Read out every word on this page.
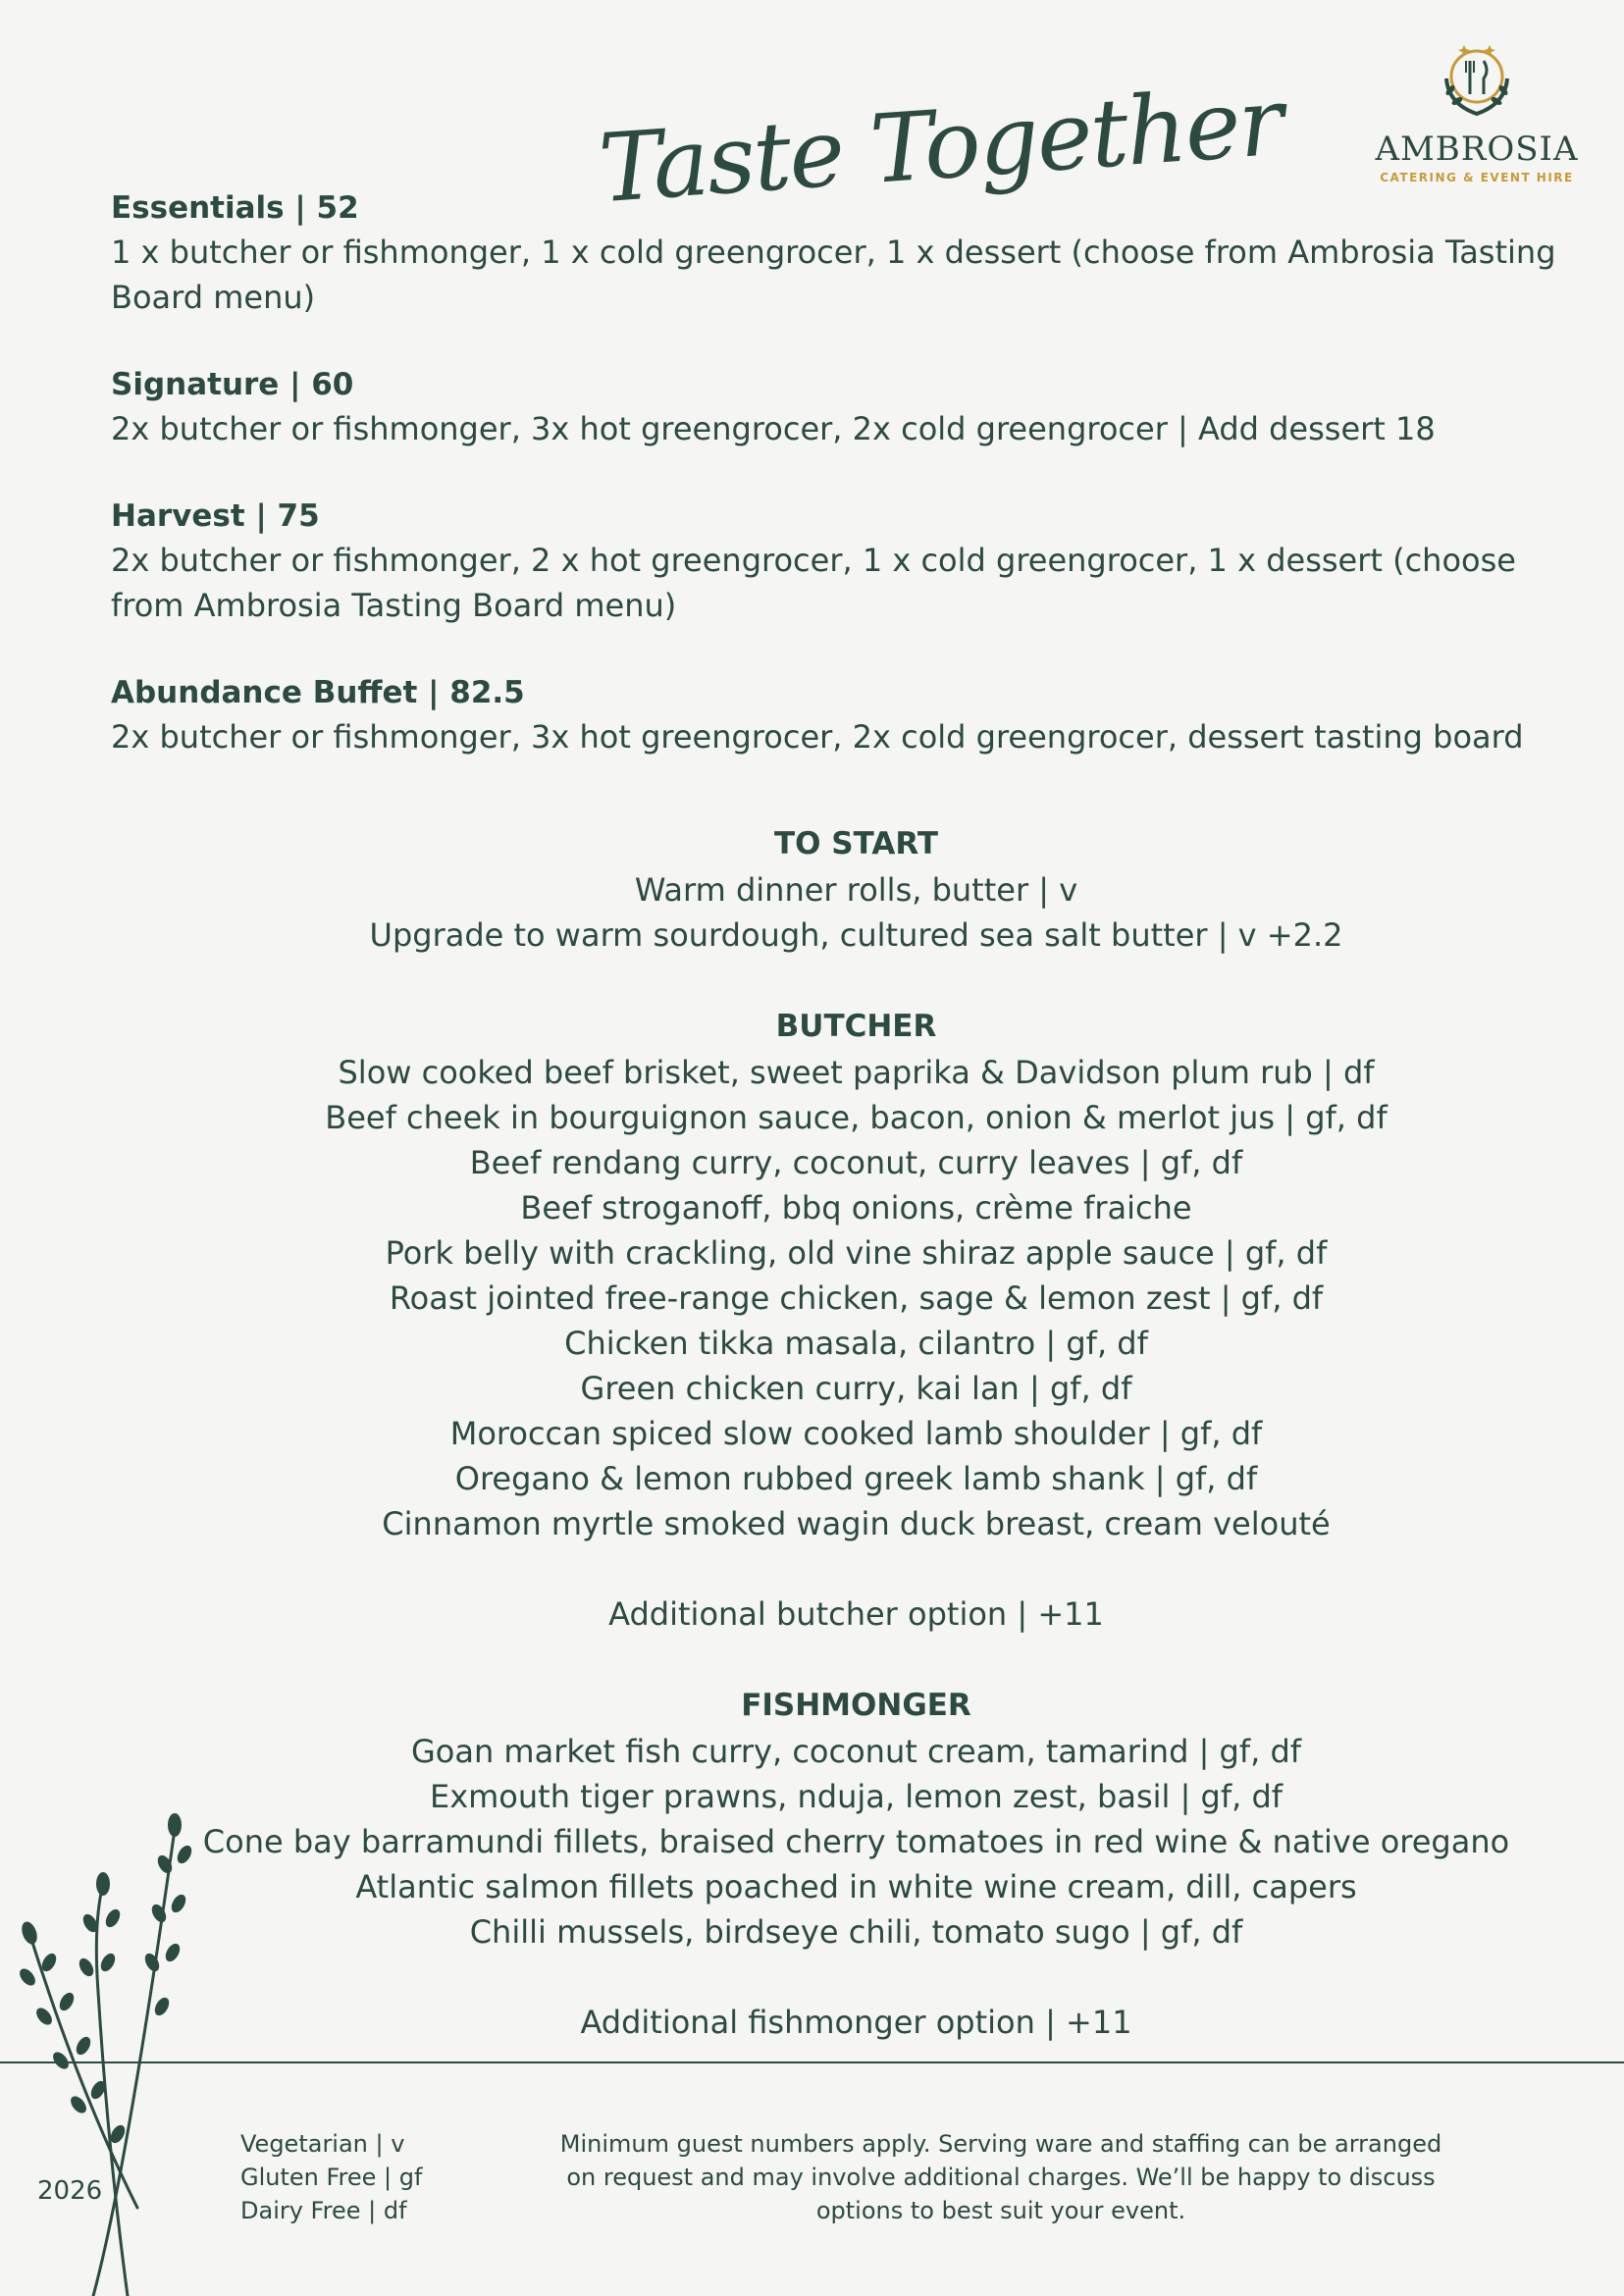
Taste Together	AMBROSIA
CATERING & EVENT HIRE
Essentials | 52
1 x butcher or fishmonger, 1 x cold greengrocer, 1 x dessert (choose from Ambrosia Tasting Board menu)
Signature | 60
2x butcher or fishmonger, 3x hot greengrocer, 2x cold greengrocer | Add dessert 18
Harvest | 75
2x butcher or fishmonger, 2 x hot greengrocer, 1 x cold greengrocer, 1 x dessert (choose from Ambrosia Tasting Board menu)
Abundance Buffet | 82.5
2x butcher or fishmonger, 3x hot greengrocer, 2x cold greengrocer, dessert tasting board
TO START
Warm dinner rolls, butter | v
Upgrade to warm sourdough, cultured sea salt butter | v +2.2
BUTCHER
Slow cooked beef brisket, sweet paprika & Davidson plum rub | df
Beef cheek in bourguignon sauce, bacon, onion & merlot jus | gf, df
Beef rendang curry, coconut, curry leaves | gf, df
Beef stroganoff, bbq onions, crème fraiche
Pork belly with crackling, old vine shiraz apple sauce | gf, df
Roast jointed free-range chicken, sage & lemon zest | gf, df
Chicken tikka masala, cilantro | gf, df
Green chicken curry, kai lan | gf, df
Moroccan spiced slow cooked lamb shoulder | gf, df
Oregano & lemon rubbed greek lamb shank | gf, df
Cinnamon myrtle smoked wagin duck breast, cream velouté
Additional butcher option | +11
FISHMONGER
Goan market fish curry, coconut cream, tamarind | gf, df
Exmouth tiger prawns, nduja, lemon zest, basil | gf, df
Cone bay barramundi fillets, braised cherry tomatoes in red wine & native oregano
Atlantic salmon fillets poached in white wine cream, dill, capers
Chilli mussels, birdseye chili, tomato sugo | gf, df
Additional fishmonger option | +11
2026
Vegetarian | v
Gluten Free | gf
Dairy Free | df
Minimum guest numbers apply. Serving ware and staffing can be arranged
on request and may involve additional charges. We’ll be happy to discuss
options to best suit your event.
